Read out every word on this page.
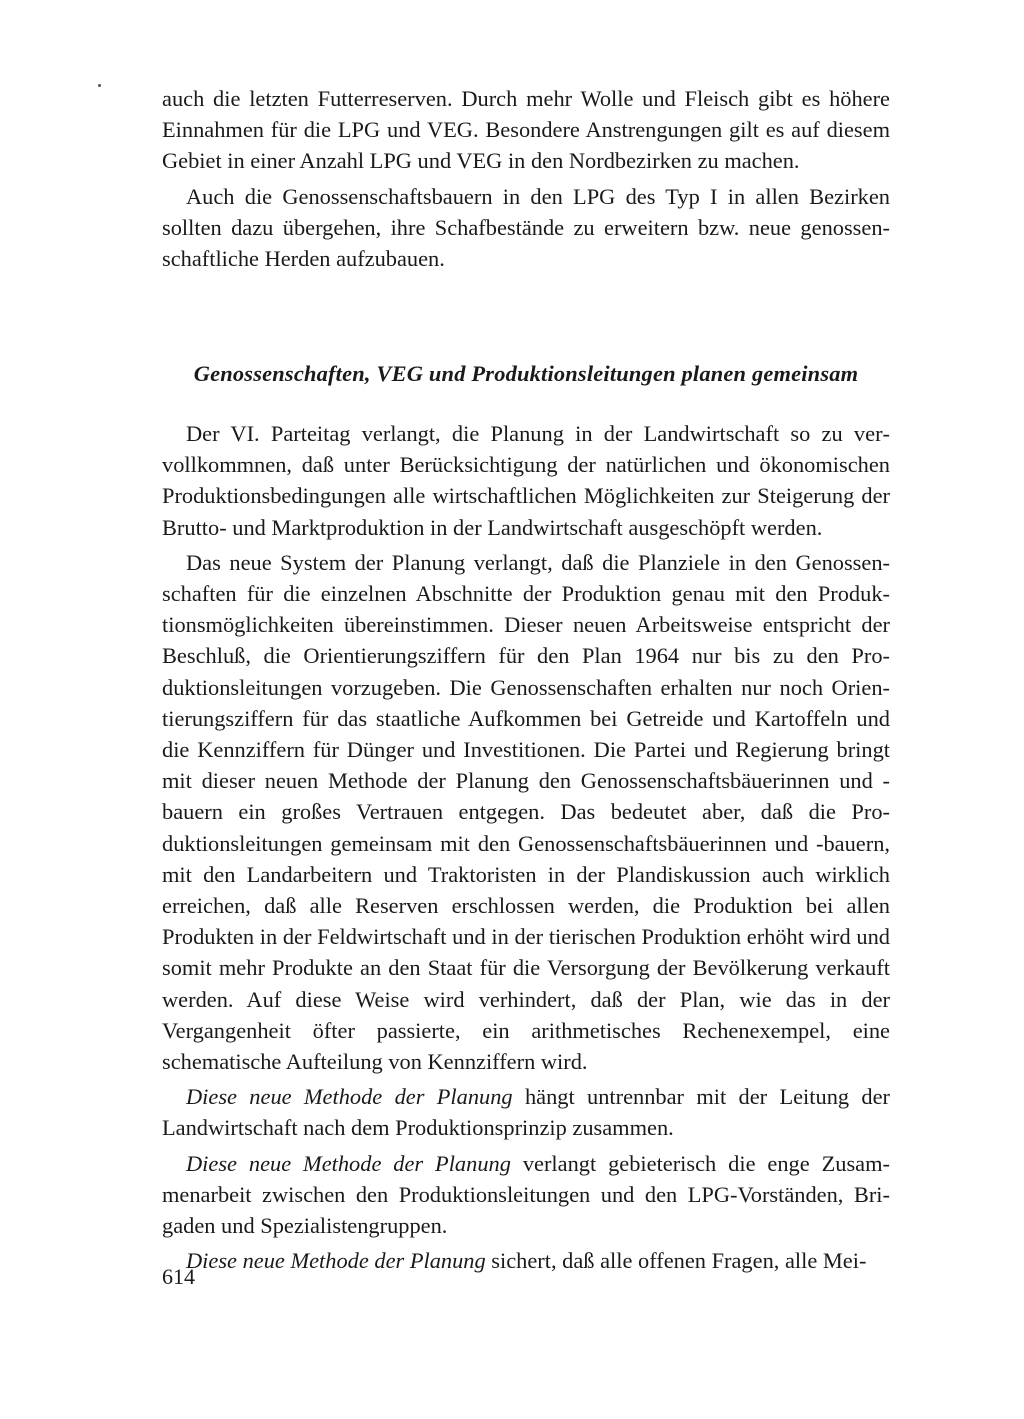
auch die letzten Futterreserven. Durch mehr Wolle und Fleisch gibt es höhere Einnahmen für die LPG und VEG. Besondere Anstrengungen gilt es auf diesem Gebiet in einer Anzahl LPG und VEG in den Nordbezirken zu machen.

Auch die Genossenschaftsbauern in den LPG des Typ I in allen Bezirken sollten dazu übergehen, ihre Schafbestände zu erweitern bzw. neue genossenschaftliche Herden aufzubauen.

Genossenschaften, VEG und Produktionsleitungen planen gemeinsam

Der VI. Parteitag verlangt, die Planung in der Landwirtschaft so zu vervollkommnen, daß unter Berücksichtigung der natürlichen und ökonomischen Produktionsbedingungen alle wirtschaftlichen Möglichkeiten zur Steigerung der Brutto- und Marktproduktion in der Landwirtschaft ausgeschöpft werden.

Das neue System der Planung verlangt, daß die Planziele in den Genossenschaften für die einzelnen Abschnitte der Produktion genau mit den Produktionsmöglichkeiten übereinstimmen. Dieser neuen Arbeitsweise entspricht der Beschluß, die Orientierungsziffern für den Plan 1964 nur bis zu den Produktionsleitungen vorzugeben. Die Genossenschaften erhalten nur noch Orientierungsziffern für das staatliche Aufkommen bei Getreide und Kartoffeln und die Kennziffern für Dünger und Investitionen. Die Partei und Regierung bringt mit dieser neuen Methode der Planung den Genossenschaftsbäuerinnen und -bauern ein großes Vertrauen entgegen. Das bedeutet aber, daß die Produktionsleitungen gemeinsam mit den Genossenschaftsbäuerinnen und -bauern, mit den Landarbeitern und Traktoristen in der Plandiskussion auch wirklich erreichen, daß alle Reserven erschlossen werden, die Produktion bei allen Produkten in der Feldwirtschaft und in der tierischen Produktion erhöht wird und somit mehr Produkte an den Staat für die Versorgung der Bevölkerung verkauft werden. Auf diese Weise wird verhindert, daß der Plan, wie das in der Vergangenheit öfter passierte, ein arithmetisches Rechenexempel, eine schematische Aufteilung von Kennziffern wird.

Diese neue Methode der Planung hängt untrennbar mit der Leitung der Landwirtschaft nach dem Produktionsprinzip zusammen.

Diese neue Methode der Planung verlangt gebieterisch die enge Zusammenarbeit zwischen den Produktionsleitungen und den LPG-Vorständen, Brigaden und Spezialistengruppen.

Diese neue Methode der Planung sichert, daß alle offenen Fragen, alle Mei-

614
